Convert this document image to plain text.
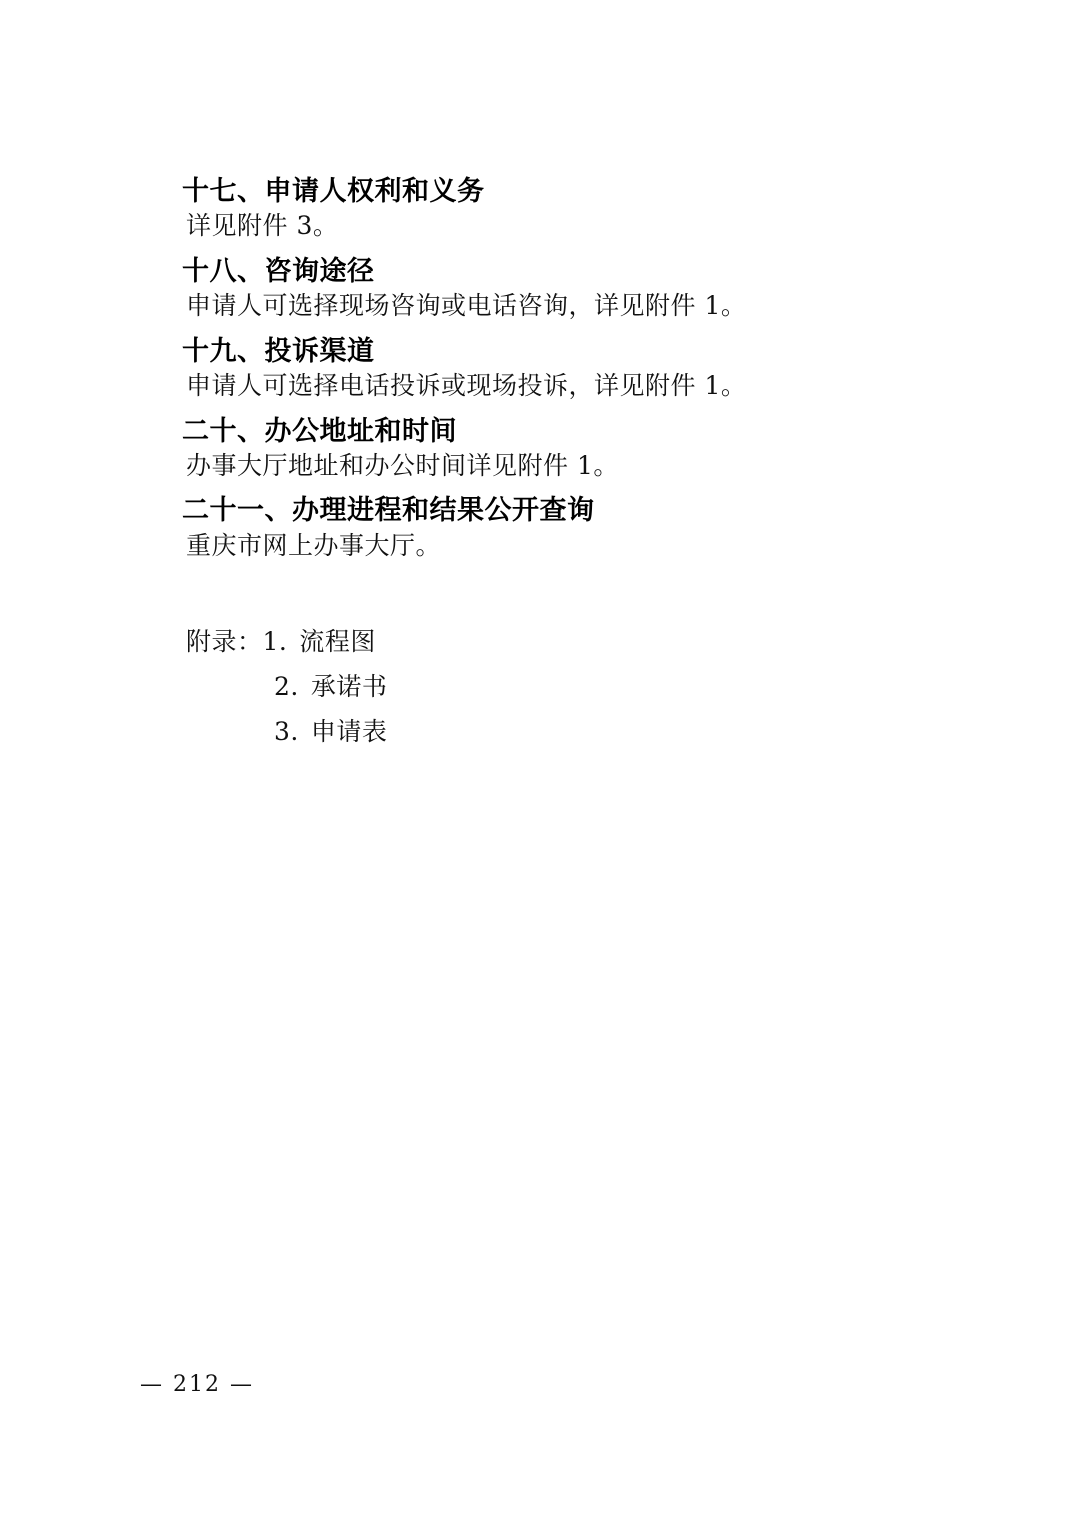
十七、申请人权利和义务

详见附件 3。

十八、咨询途径

申请人可选择现场咨询或电话咨询，详见附件 1。

十九、投诉渠道

申请人可选择电话投诉或现场投诉，详见附件 1。

二十、办公地址和时间

办事大厅地址和办公时间详见附件 1。

二十一、办理进程和结果公开查询

重庆市网上办事大厅。

附录：1. 流程图
2. 承诺书
3. 申请表
— 212 —
